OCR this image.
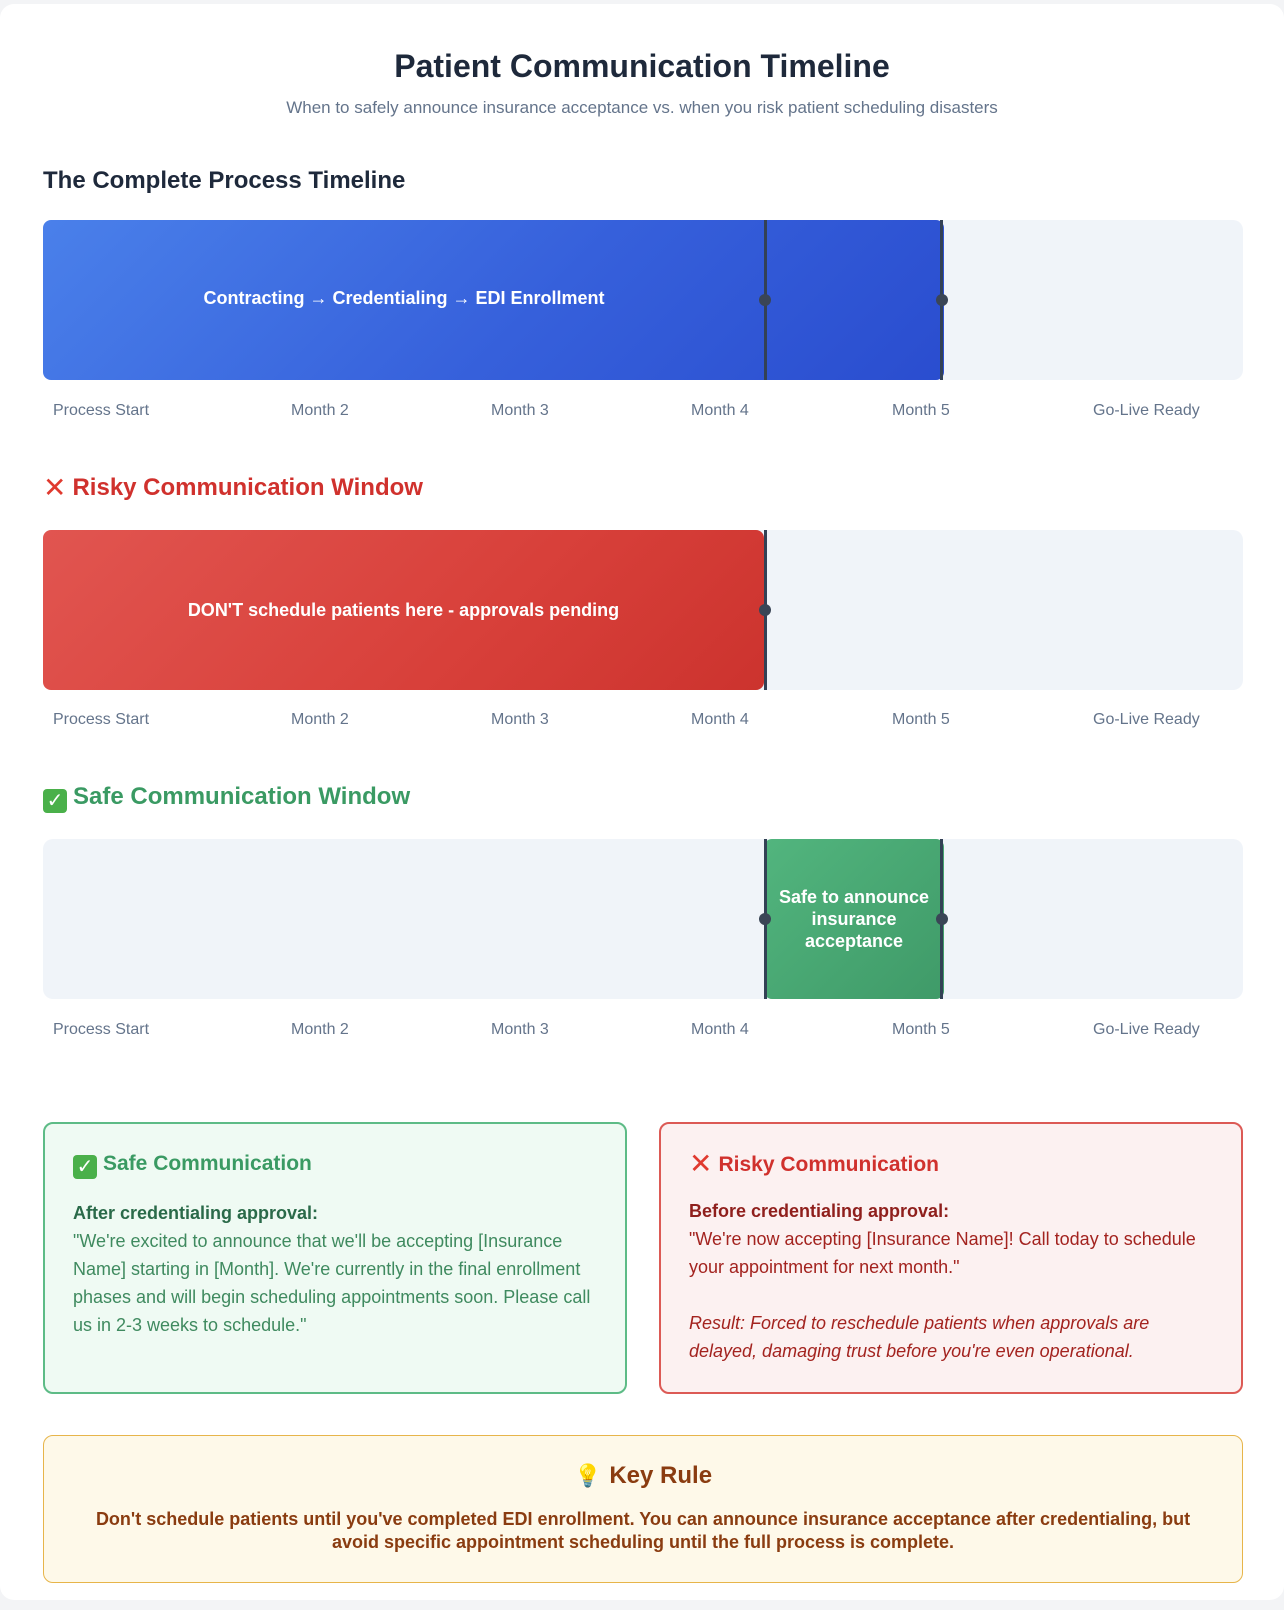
Patient Communication Timeline
When to safely announce insurance acceptance vs. when you risk patient scheduling disasters
The Complete Process Timeline
Contracting → Credentialing → EDI Enrollment
Process Start	Month 2	Month 3	Month 4	Month 5	Go-Live Ready
✕ Risky Communication Window
DON'T schedule patients here - approvals pending
Process Start	Month 2	Month 3	Month 4	Month 5	Go-Live Ready
✓ Safe Communication Window
Safe to announce insurance acceptance
Process Start	Month 2	Month 3	Month 4	Month 5	Go-Live Ready
✓ Safe Communication
After credentialing approval:
"We're excited to announce that we'll be accepting [Insurance Name] starting in [Month]. We're currently in the final enrollment phases and will begin scheduling appointments soon. Please call us in 2-3 weeks to schedule."
✕ Risky Communication
Before credentialing approval:
"We're now accepting [Insurance Name]! Call today to schedule your appointment for next month."
Result: Forced to reschedule patients when approvals are delayed, damaging trust before you're even operational.
💡 Key Rule
Don't schedule patients until you've completed EDI enrollment. You can announce insurance acceptance after credentialing, but avoid specific appointment scheduling until the full process is complete.
